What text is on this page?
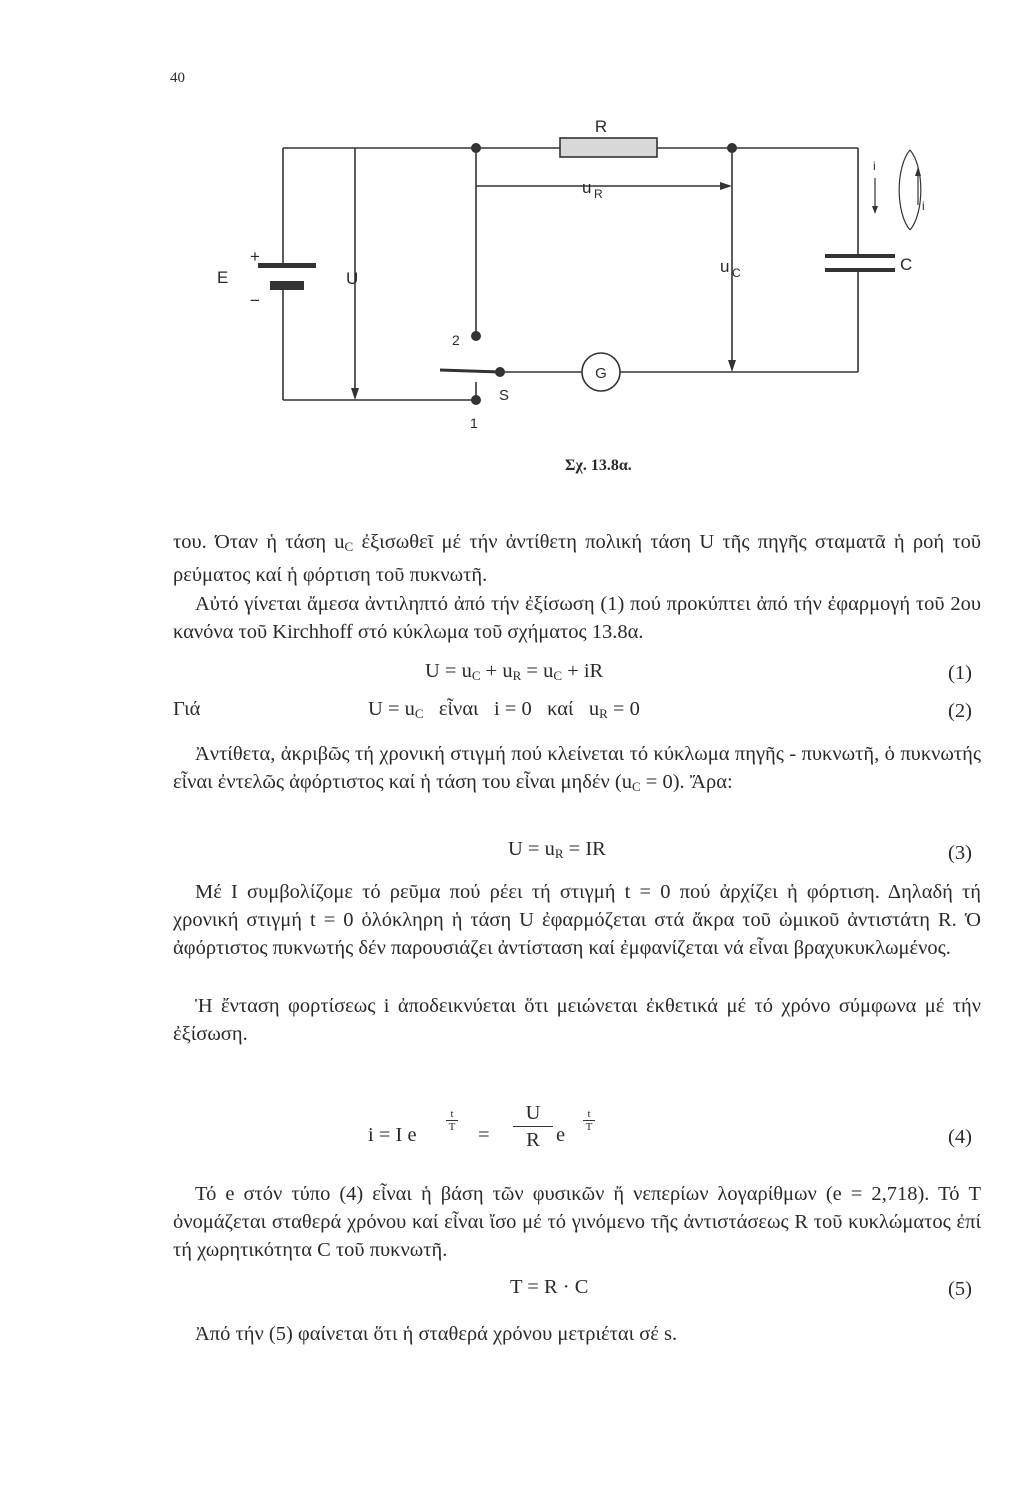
40
R
u R
E
+
−
U
u C	C
G
S
1
2
i
i
Σχ. 13.8α.

του. Όταν ἡ τάση $u_C$ ἐξισωθεῖ μέ τήν ἀντίθετη πολική τάση U τῆς πηγῆς σταματᾶ ἡ ροή τοῦ ρεύματος καί ἡ φόρτιση τοῦ πυκνωτῆ.

Αὐτό γίνεται ἄμεσα ἀντιληπτό ἀπό τήν ἐξίσωση (1) πού προκύπτει ἀπό τήν ἐφαρμογή τοῦ 2ου κανόνα τοῦ Kirchhoff στό κύκλωμα τοῦ σχήματος 13.8α.

$U = u_C + u_R = u_C$ + iR	(1)
Γιά	$U = u_C$   εἶναι   i = 0   καί   $u_R = 0$	(2)

Ἀντίθετα, ἀκριβῶς τή χρονική στιγμή πού κλείνεται τό κύκλωμα πηγῆς - πυκνωτῆ, ὁ πυκνωτής εἶναι ἐντελῶς ἀφόρτιστος καί ἡ τάση του εἶναι μηδέν $(u_C = 0)$. Ἄρα:

$U = u_R$ = IR	(3)

Μέ I συμβολίζομε τό ρεῦμα πού ρέει τή στιγμή t = 0 πού ἀρχίζει ἡ φόρτιση. Δηλαδή τή χρονική στιγμή t = 0 ὁλόκληρη ἡ τάση U ἐφαρμόζεται στά ἄκρα τοῦ ὠμικοῦ ἀντιστάτη R. Ὁ ἀφόρτιστος πυκνωτής δέν παρουσιάζει ἀντίσταση καί ἐμφανίζεται νά εἶναι βραχυκυκλωμένος.

Ἡ ἔνταση φορτίσεως i ἀποδεικνύεται ὅτι μειώνεται ἐκθετικά μέ τό χρόνο σύμφωνα μέ τήν ἐξίσωση.

i = I e
$\frac{t}{T}$
= $\frac{U}{R}$ e
$\frac{t}{T}$
(4)

Τό e στόν τύπο (4) εἶναι ἡ βάση τῶν φυσικῶν ἤ νεπερίων λογαρίθμων (e = 2,718). Τό T ὀνομάζεται σταθερά χρόνου καί εἶναι ἴσο μέ τό γινόμενο τῆς ἀντιστάσεως R τοῦ κυκλώματος ἐπί τή χωρητικότητα C τοῦ πυκνωτῆ.

T = R · C	(5)

Ἀπό τήν (5) φαίνεται ὅτι ἡ σταθερά χρόνου μετριέται σέ s.
